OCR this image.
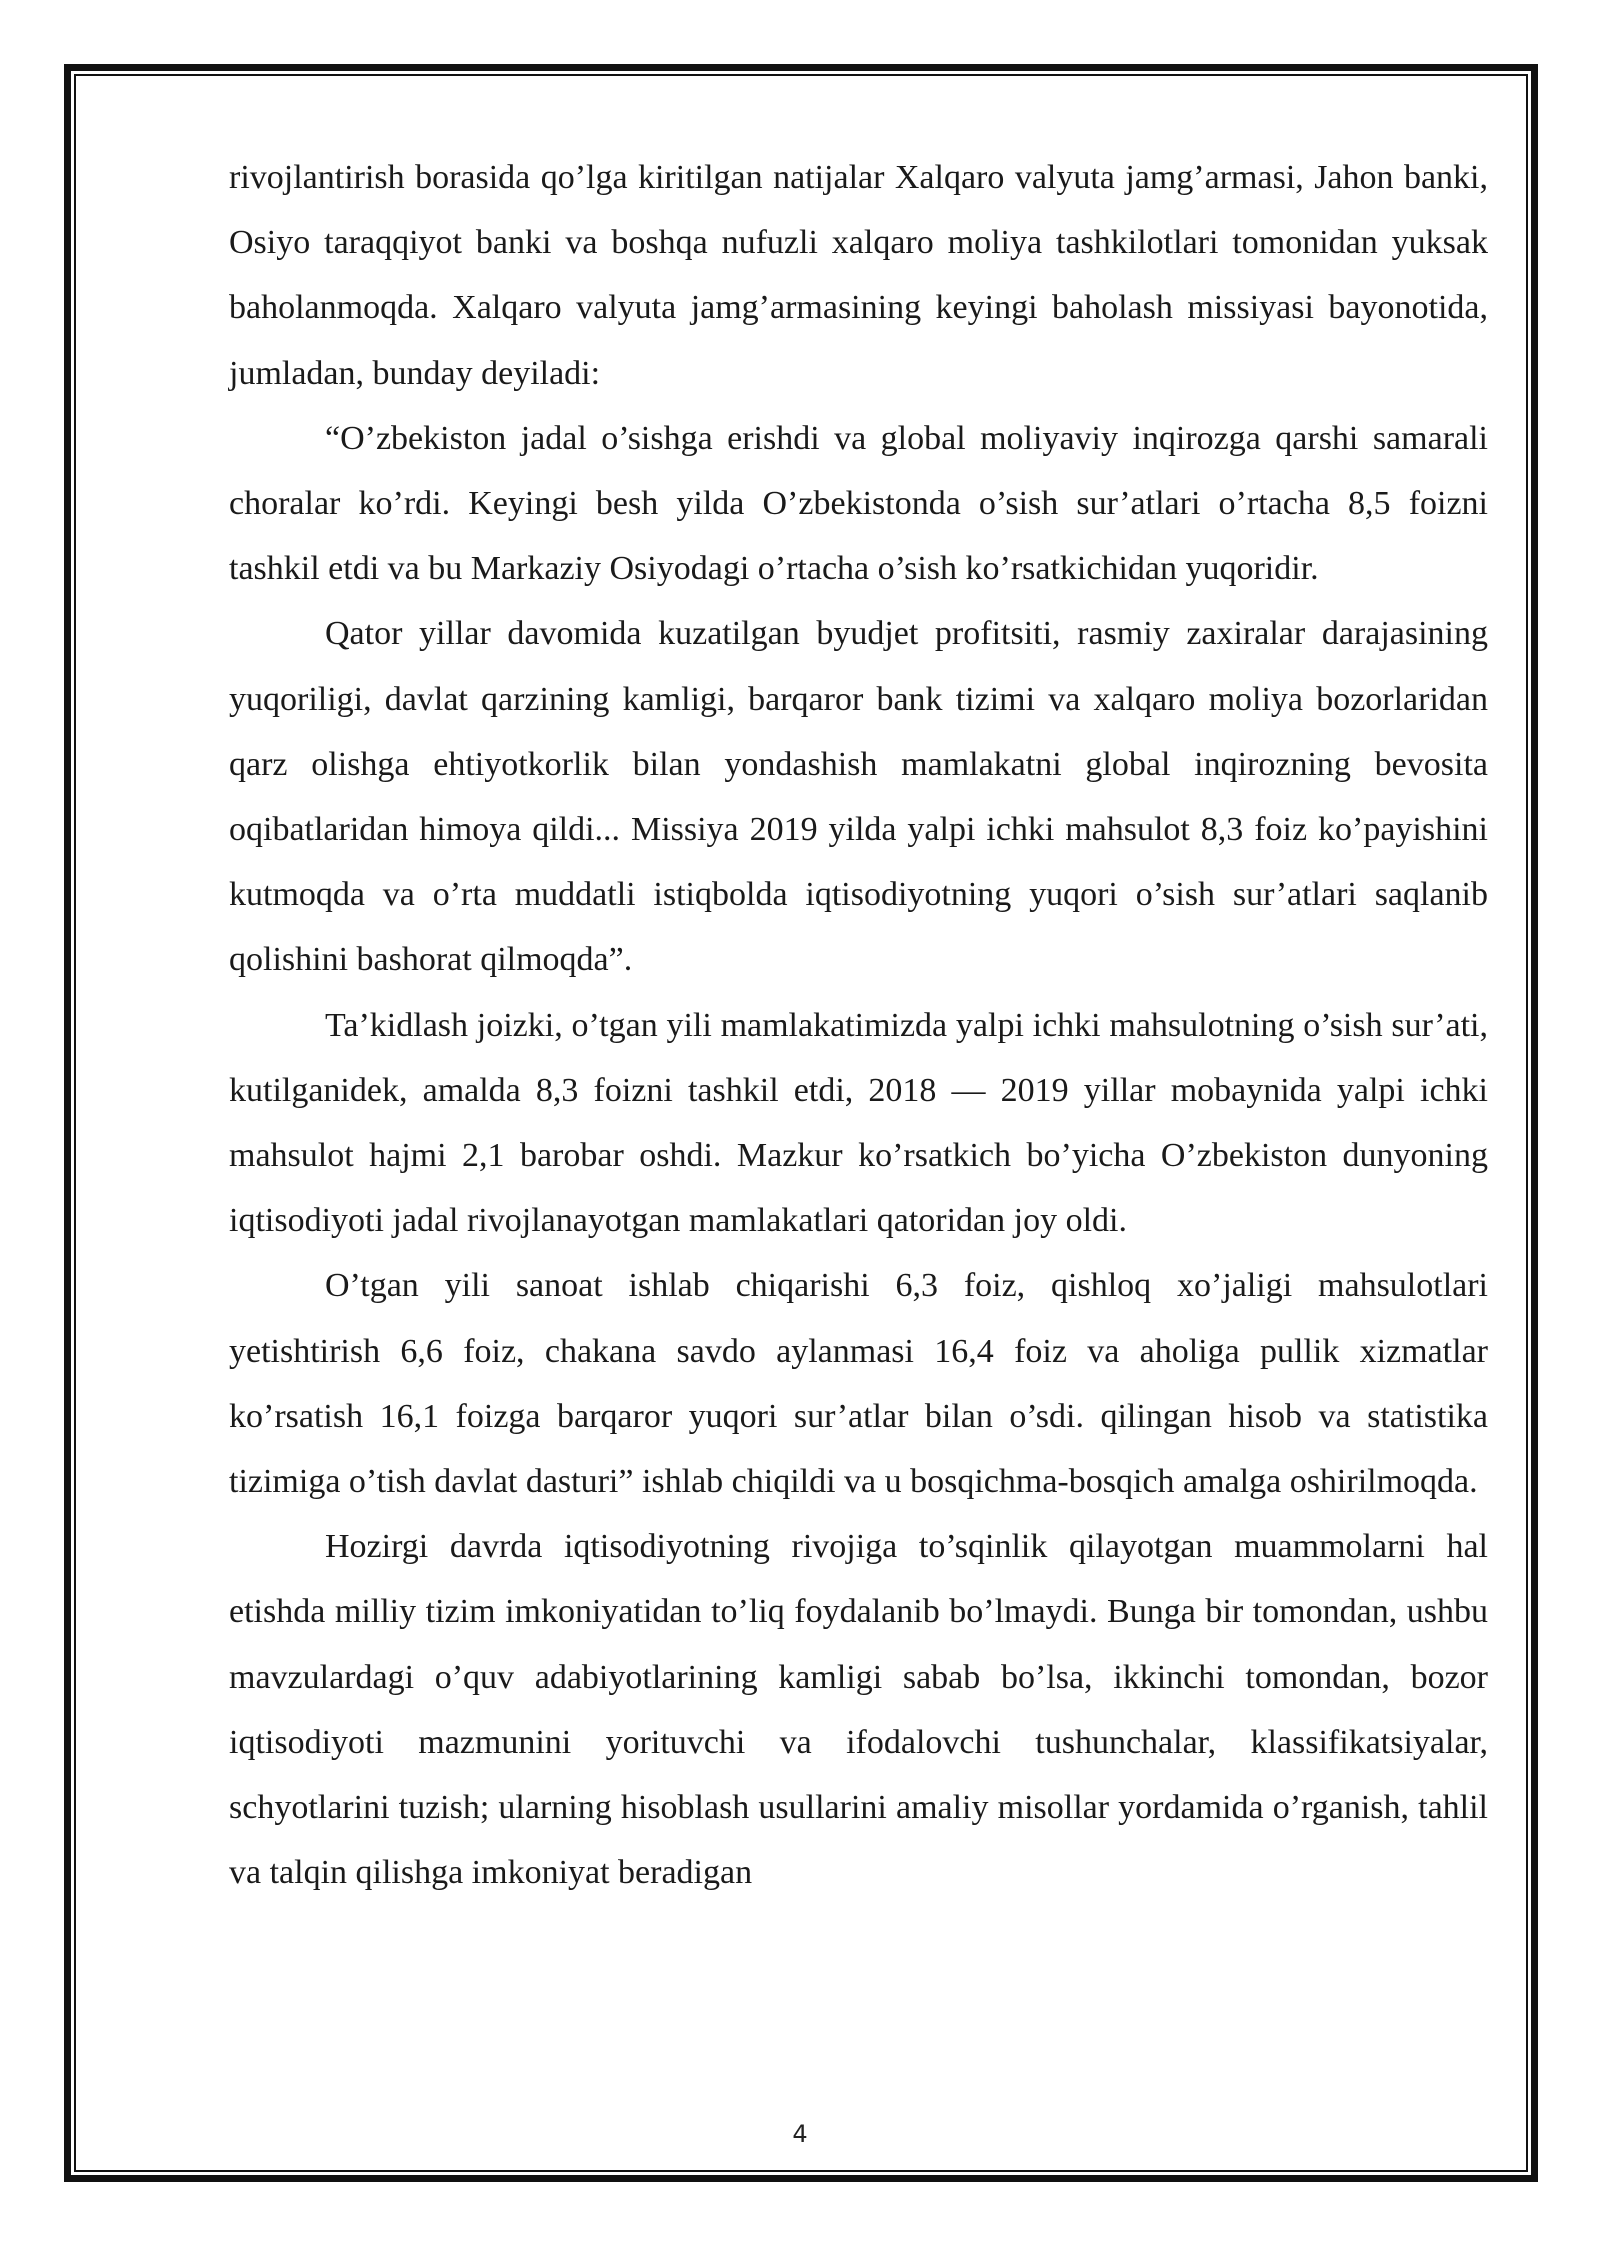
rivojlantirish borasida qo’lga kiritilgan natijalar Xalqaro valyuta jamg’armasi, Jahon banki, Osiyo taraqqiyot banki va boshqa nufuzli xalqaro moliya tashkilotlari tomonidan yuksak baholanmoqda. Xalqaro valyuta jamg’armasining keyingi baholash missiyasi bayonotida, jumladan, bunday deyiladi:

“O’zbekiston jadal o’sishga erishdi va global moliyaviy inqirozga qarshi samarali choralar ko’rdi. Keyingi besh yilda O’zbekistonda o’sish sur’atlari o’rtacha 8,5 foizni tashkil etdi va bu Markaziy Osiyodagi o’rtacha o’sish ko’rsatkichidan yuqoridir.

Qator yillar davomida kuzatilgan byudjet profitsiti, rasmiy zaxiralar darajasining yuqoriligi, davlat qarzining kamligi, barqaror bank tizimi va xalqaro moliya bozorlaridan qarz olishga ehtiyotkorlik bilan yondashish mamlakatni global inqirozning bevosita oqibatlaridan himoya qildi... Missiya 2019 yilda yalpi ichki mahsulot 8,3 foiz ko’payishini kutmoqda va o’rta muddatli istiqbolda iqtisodiyotning yuqori o’sish sur’atlari saqlanib qolishini bashorat qilmoqda”.

Ta’kidlash joizki, o’tgan yili mamlakatimizda yalpi ichki mahsulotning o’sish sur’ati, kutilganidek, amalda 8,3 foizni tashkil etdi, 2018 — 2019 yillar mobaynida yalpi ichki mahsulot hajmi 2,1 barobar oshdi. Mazkur ko’rsatkich bo’yicha O’zbekiston dunyoning iqtisodiyoti jadal rivojlanayotgan mamlakatlari qatoridan joy oldi.

O’tgan yili sanoat ishlab chiqarishi 6,3 foiz, qishloq xo’jaligi mahsulotlari yetishtirish 6,6 foiz, chakana savdo aylanmasi 16,4 foiz va aholiga pullik xizmatlar ko’rsatish 16,1 foizga barqaror yuqori sur’atlar bilan o’sdi. qilingan hisob va statistika tizimiga o’tish davlat dasturi” ishlab chiqildi va u bosqichma-bosqich amalga oshirilmoqda.

Hozirgi davrda iqtisodiyotning rivojiga to’sqinlik qilayotgan muammolarni hal etishda milliy tizim imkoniyatidan to’liq foydalanib bo’lmaydi. Bunga bir tomondan, ushbu mavzulardagi o’quv adabiyotlarining kamligi sabab bo’lsa, ikkinchi tomondan, bozor iqtisodiyoti mazmunini yorituvchi va ifodalovchi tushunchalar, klassifikatsiyalar, schyotlarini tuzish; ularning hisoblash usullarini amaliy misollar yordamida o’rganish, tahlil va talqin qilishga imkoniyat beradigan

4
